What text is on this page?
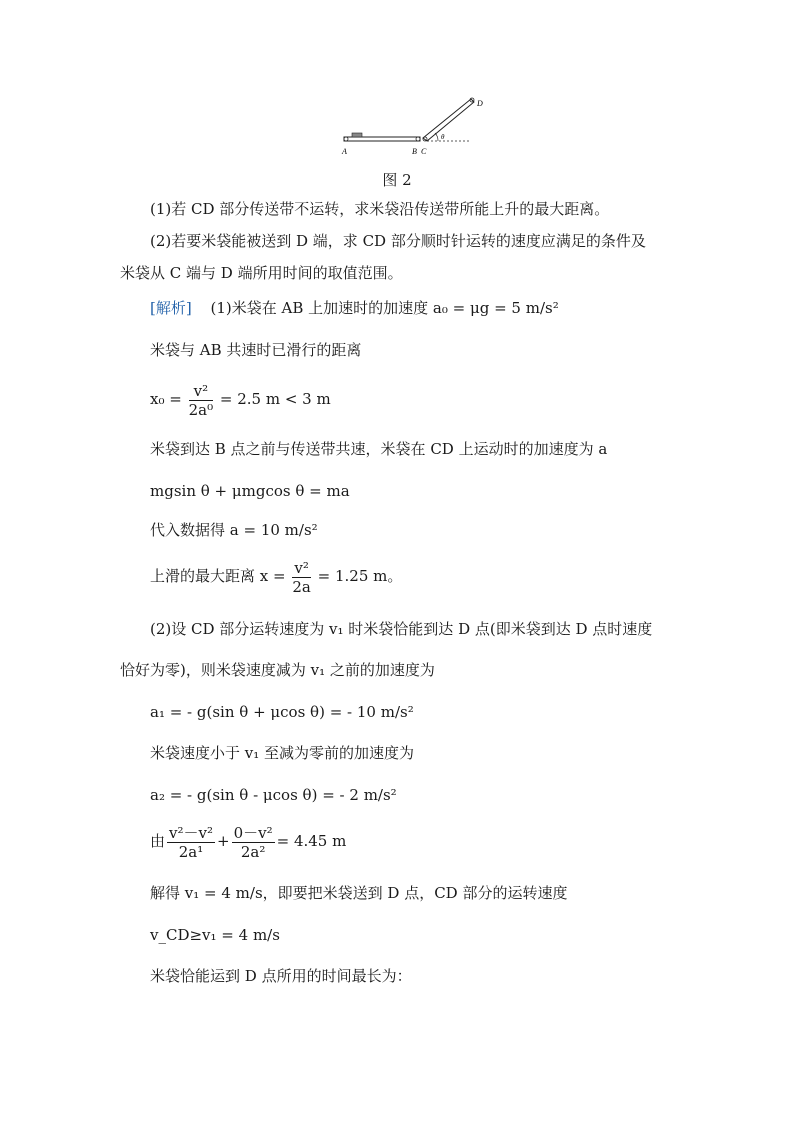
A	B C
D
θ
图 2
(1)若 CD 部分传送带不运转，求米袋沿传送带所能上升的最大距离。
(2)若要米袋能被送到 D 端，求 CD 部分顺时针运转的速度应满足的条件及
米袋从 C 端与 D 端所用时间的取值范围。
[解析] (1)米袋在 AB 上加速时的加速度 a₀ = μg = 5 m/s²
米袋与 AB 共速时已滑行的距离
$x_0 = \frac{\text{v²}}{\text{2a⁰}} = 2.5$ m < 3 m
米袋到达 B 点之前与传送带共速，米袋在 CD 上运动时的加速度为 a
mgsin θ + μmgcos θ = ma
代入数据得 a = 10 m/s²
上滑的最大距离 $x = \frac{\text{v²}}{2a} = 1.25$ m。
(2)设 CD 部分运转速度为 v₁ 时米袋恰能到达 D 点(即米袋到达 D 点时速度
恰好为零)，则米袋速度减为 v₁ 之前的加速度为
a₁ = - g(sin θ + μcos θ) = - 10 m/s²
米袋速度小于 v₁ 至减为零前的加速度为
a₂ = - g(sin θ - μcos θ) = - 2 m/s²
由 $\frac{\text{v²－v²}}{\text{2a¹}} + \frac{\text{0－v²}}{\text{2a²}} = 4.45$ m
解得 v₁ = 4 m/s，即要把米袋送到 D 点，CD 部分的运转速度
v_CD≥v₁ = 4 m/s
米袋恰能运到 D 点所用的时间最长为：
